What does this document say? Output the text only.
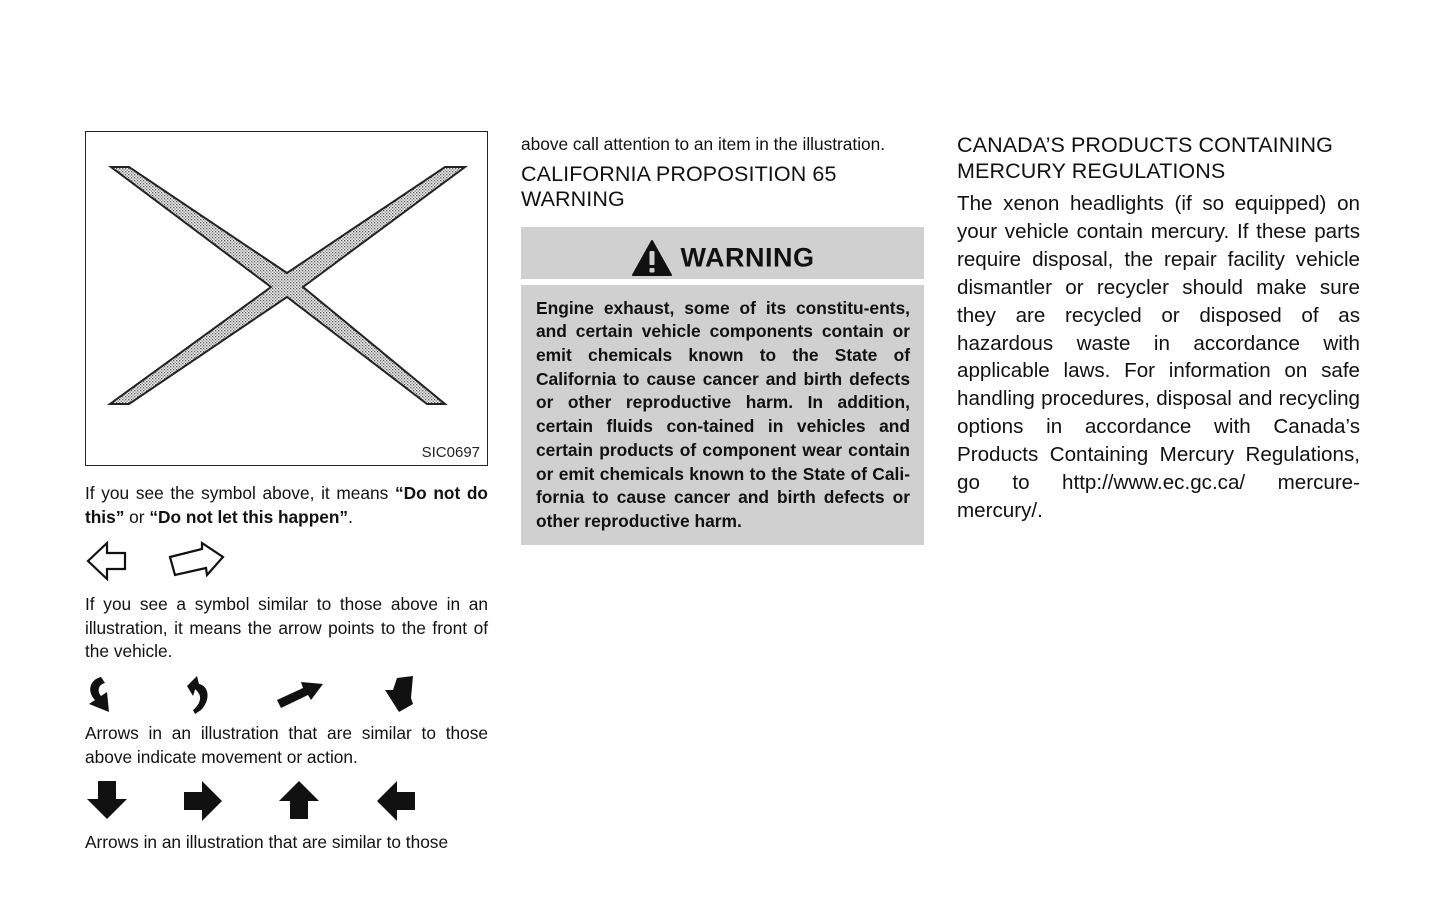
SIC0697

If you see the symbol above, it means “Do not do this” or “Do not let this happen”.

If you see a symbol similar to those above in an illustration, it means the arrow points to the front of the vehicle.

Arrows in an illustration that are similar to those above indicate movement or action.

Arrows in an illustration that are similar to those

above call attention to an item in the illustration.

CALIFORNIA PROPOSITION 65
WARNING
WARNING

Engine exhaust, some of its constitu-ents, and certain vehicle components contain or emit chemicals known to the State of California to cause cancer and birth defects or other reproductive harm. In addition, certain fluids con-tained in vehicles and certain products of component wear contain or emit chemicals known to the State of Cali-fornia to cause cancer and birth defects or other reproductive harm.

CANADA’S PRODUCTS CONTAINING
MERCURY REGULATIONS

The xenon headlights (if so equipped) on your vehicle contain mercury. If these parts require disposal, the repair facility vehicle dismantler or recycler should make sure they are recycled or disposed of as hazardous waste in accordance with applicable laws. For information on safe handling procedures, disposal and recycling options in accordance with Canada’s Products Containing Mercury Regulations, go to http://www.ec.gc.ca/ mercure-mercury/.
